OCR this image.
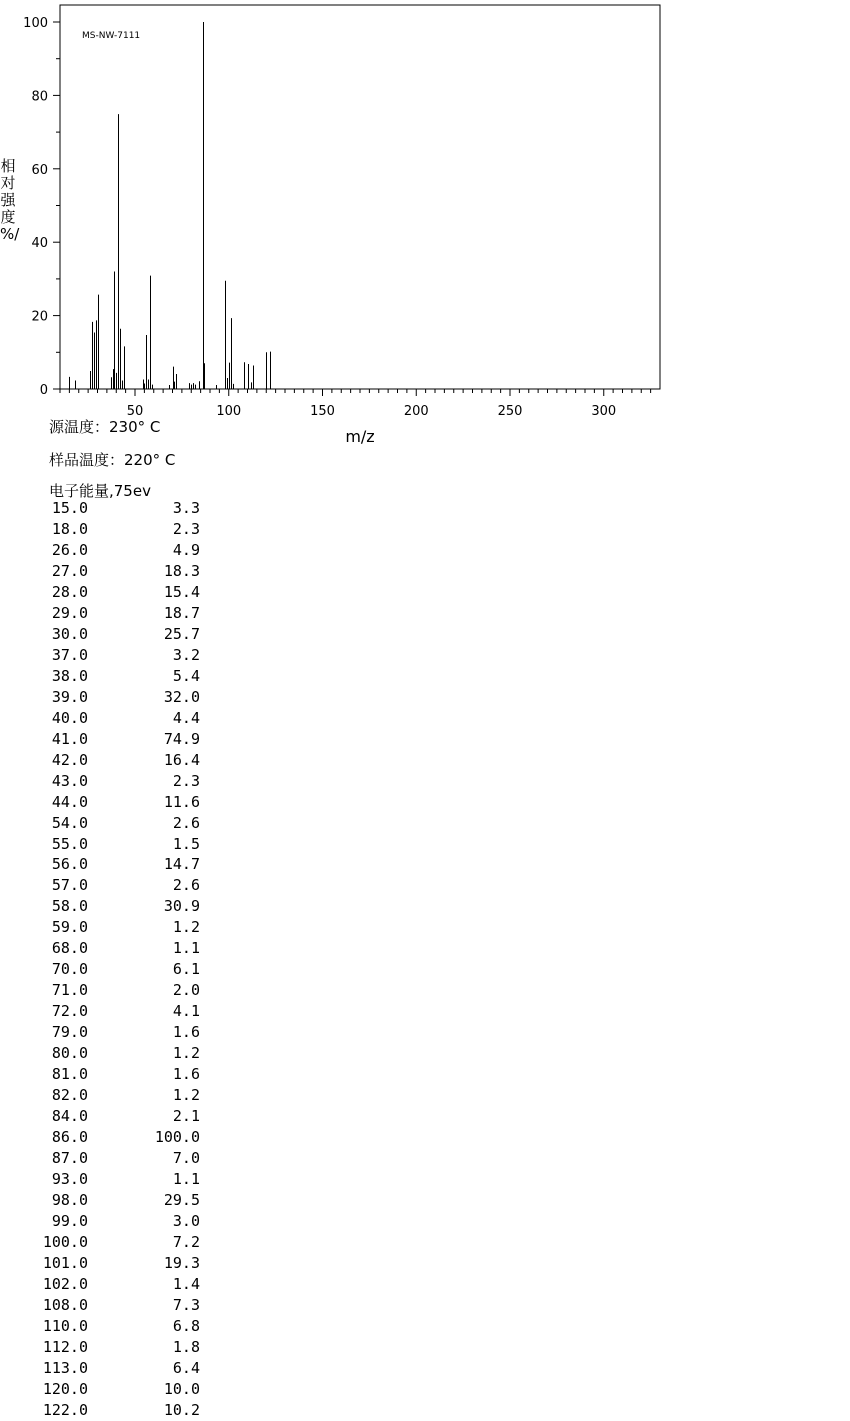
50	100	150	200	250	300
0
20
40
60
80
100
MS-NW-7111
m/z
相
对
强
度
%/
源温度：230° C
样品温度：220° C
电子能量,75ev
15.0	3.3
18.0	2.3
26.0	4.9
27.0	18.3
28.0	15.4
29.0	18.7
30.0	25.7
37.0	3.2
38.0	5.4
39.0	32.0
40.0	4.4
41.0	74.9
42.0	16.4
43.0	2.3
44.0	11.6
54.0	2.6
55.0	1.5
56.0	14.7
57.0	2.6
58.0	30.9
59.0	1.2
68.0	1.1
70.0	6.1
71.0	2.0
72.0	4.1
79.0	1.6
80.0	1.2
81.0	1.6
82.0	1.2
84.0	2.1
86.0	100.0
87.0	7.0
93.0	1.1
98.0	29.5
99.0	3.0
100.0	7.2
101.0	19.3
102.0	1.4
108.0	7.3
110.0	6.8
112.0	1.8
113.0	6.4
120.0	10.0
122.0	10.2
